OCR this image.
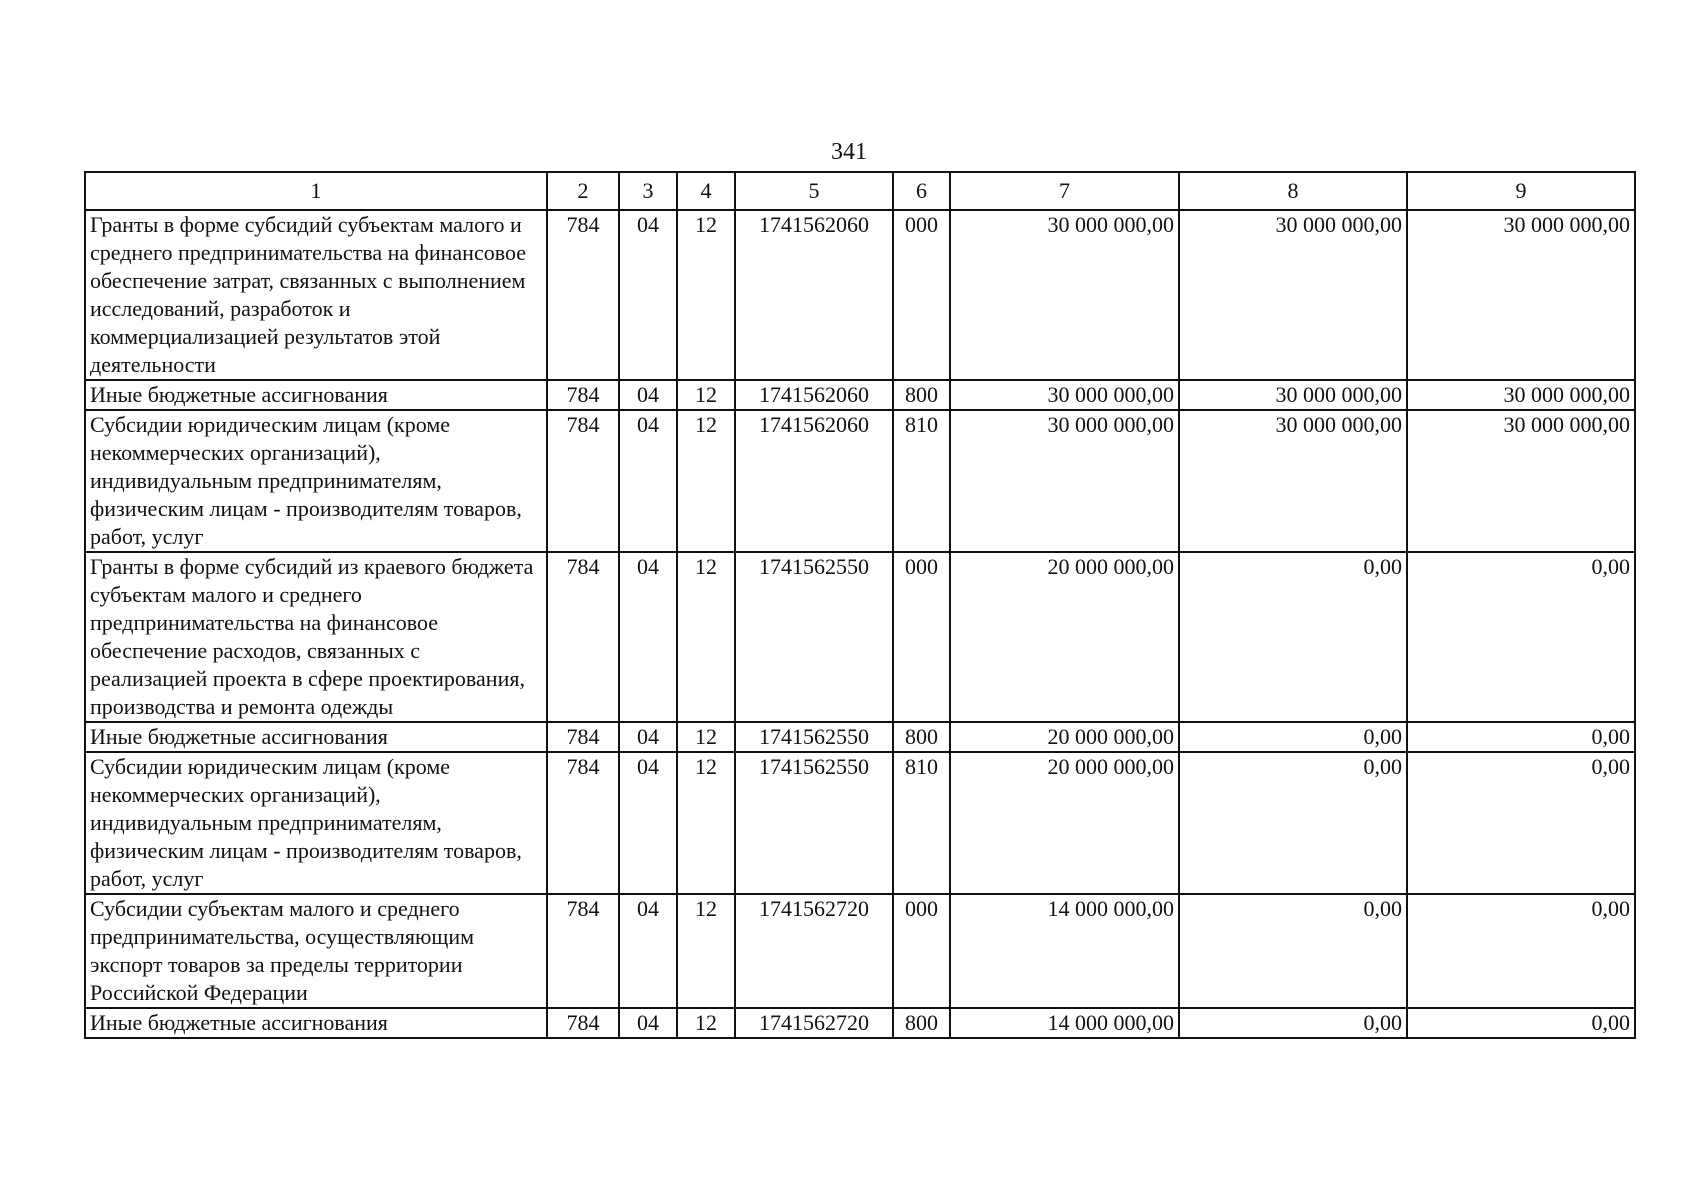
341
1	2	3	4	5	6	7	8	9
Гранты в форме субсидий субъектам малого и среднего предпринимательства на финансовое обеспечение затрат, связанных с выполнением исследований, разработок и коммерциализацией результатов этой деятельности	784	04	12	1741562060	000	30 000 000,00	30 000 000,00	30 000 000,00
Иные бюджетные ассигнования	784	04	12	1741562060	800	30 000 000,00	30 000 000,00	30 000 000,00
Субсидии юридическим лицам (кроме некоммерческих организаций), индивидуальным предпринимателям, физическим лицам - производителям товаров, работ, услуг	784	04	12	1741562060	810	30 000 000,00	30 000 000,00	30 000 000,00
Гранты в форме субсидий из краевого бюджета субъектам малого и среднего предпринимательства на финансовое обеспечение расходов, связанных с реализацией проекта в сфере проектирования, производства и ремонта одежды	784	04	12	1741562550	000	20 000 000,00	0,00	0,00
Иные бюджетные ассигнования	784	04	12	1741562550	800	20 000 000,00	0,00	0,00
Субсидии юридическим лицам (кроме некоммерческих организаций), индивидуальным предпринимателям, физическим лицам - производителям товаров, работ, услуг	784	04	12	1741562550	810	20 000 000,00	0,00	0,00
Субсидии субъектам малого и среднего предпринимательства, осуществляющим экспорт товаров за пределы территории Российской Федерации	784	04	12	1741562720	000	14 000 000,00	0,00	0,00
Иные бюджетные ассигнования	784	04	12	1741562720	800	14 000 000,00	0,00	0,00
